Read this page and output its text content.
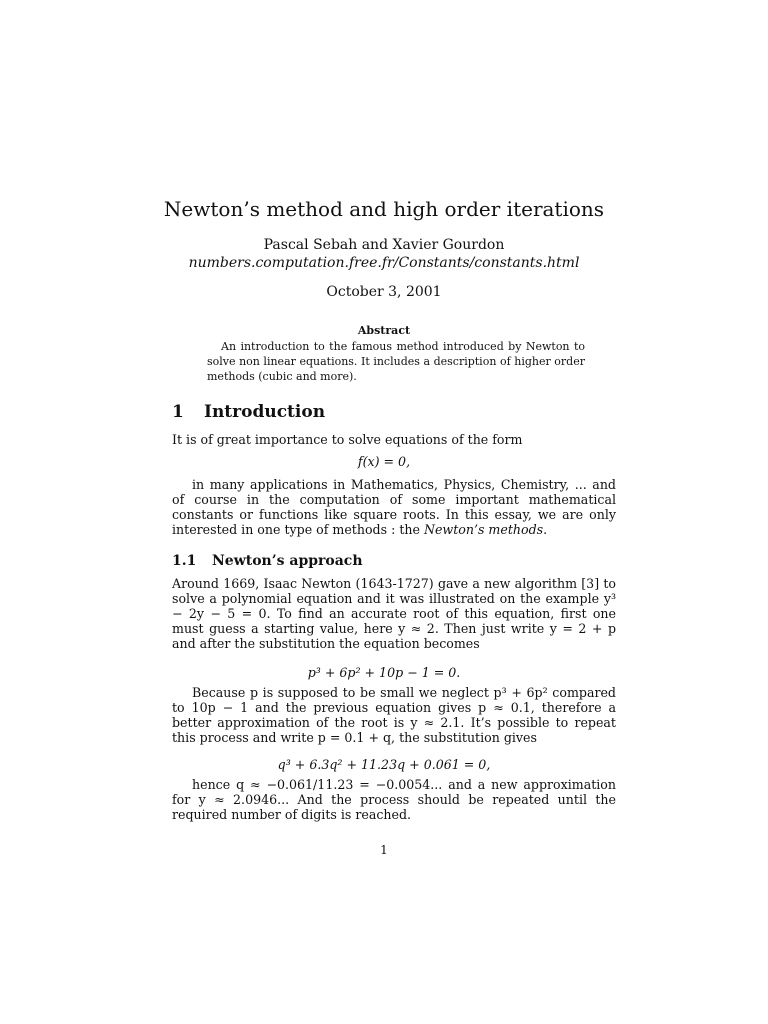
Newton’s method and high order iterations
Pascal Sebah and Xavier Gourdon
numbers.computation.free.fr/Constants/constants.html
October 3, 2001
Abstract
An introduction to the famous method introduced by Newton to solve non linear equations. It includes a description of higher order methods (cubic and more).
1 Introduction
It is of great importance to solve equations of the form
f(x) = 0,
in many applications in Mathematics, Physics, Chemistry, ... and of course in the computation of some important mathematical constants or functions like square roots. In this essay, we are only interested in one type of methods : the Newton’s methods.
1.1 Newton’s approach
Around 1669, Isaac Newton (1643-1727) gave a new algorithm [3] to solve a polynomial equation and it was illustrated on the example y³ − 2y − 5 = 0. To find an accurate root of this equation, first one must guess a starting value, here y ≈ 2. Then just write y = 2 + p and after the substitution the equation becomes
p³ + 6p² + 10p − 1 = 0.
Because p is supposed to be small we neglect p³ + 6p² compared to 10p − 1 and the previous equation gives p ≈ 0.1, therefore a better approximation of the root is y ≈ 2.1. It’s possible to repeat this process and write p = 0.1 + q, the substitution gives
q³ + 6.3q² + 11.23q + 0.061 = 0,
hence q ≈ −0.061/11.23 = −0.0054... and a new approximation for y ≈ 2.0946... And the process should be repeated until the required number of digits is reached.
1
